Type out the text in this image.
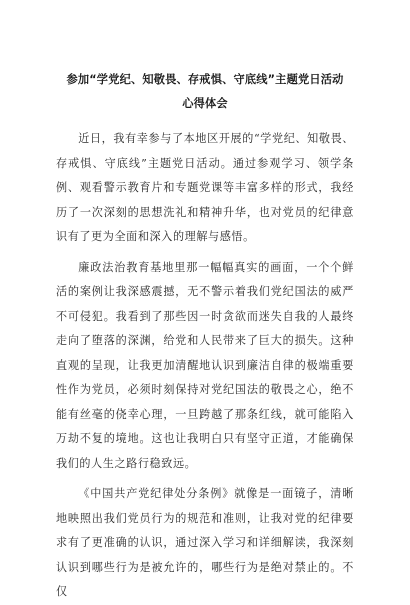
参加“学党纪、知敬畏、存戒惧、守底线”主题党日活动

心得体会

近日，我有幸参与了本地区开展的“学党纪、知敬畏、存戒惧、守底线”主题党日活动。通过参观学习、领学条例、观看警示教育片和专题党课等丰富多样的形式，我经历了一次深刻的思想洗礼和精神升华，也对党员的纪律意识有了更为全面和深入的理解与感悟。

廉政法治教育基地里那一幅幅真实的画面，一个个鲜活的案例让我深感震撼，无不警示着我们党纪国法的威严不可侵犯。我看到了那些因一时贪欲而迷失自我的人最终走向了堕落的深渊，给党和人民带来了巨大的损失。这种直观的呈现，让我更加清醒地认识到廉洁自律的极端重要性作为党员，必须时刻保持对党纪国法的敬畏之心，绝不能有丝毫的侥幸心理，一旦跨越了那条红线，就可能陷入万劫不复的境地。这也让我明白只有坚守正道，才能确保我们的人生之路行稳致远。

《中国共产党纪律处分条例》就像是一面镜子，清晰地映照出我们党员行为的规范和准则，让我对党的纪律要求有了更准确的认识，通过深入学习和详细解读，我深刻认识到哪些行为是被允许的，哪些行为是绝对禁止的。不仅
